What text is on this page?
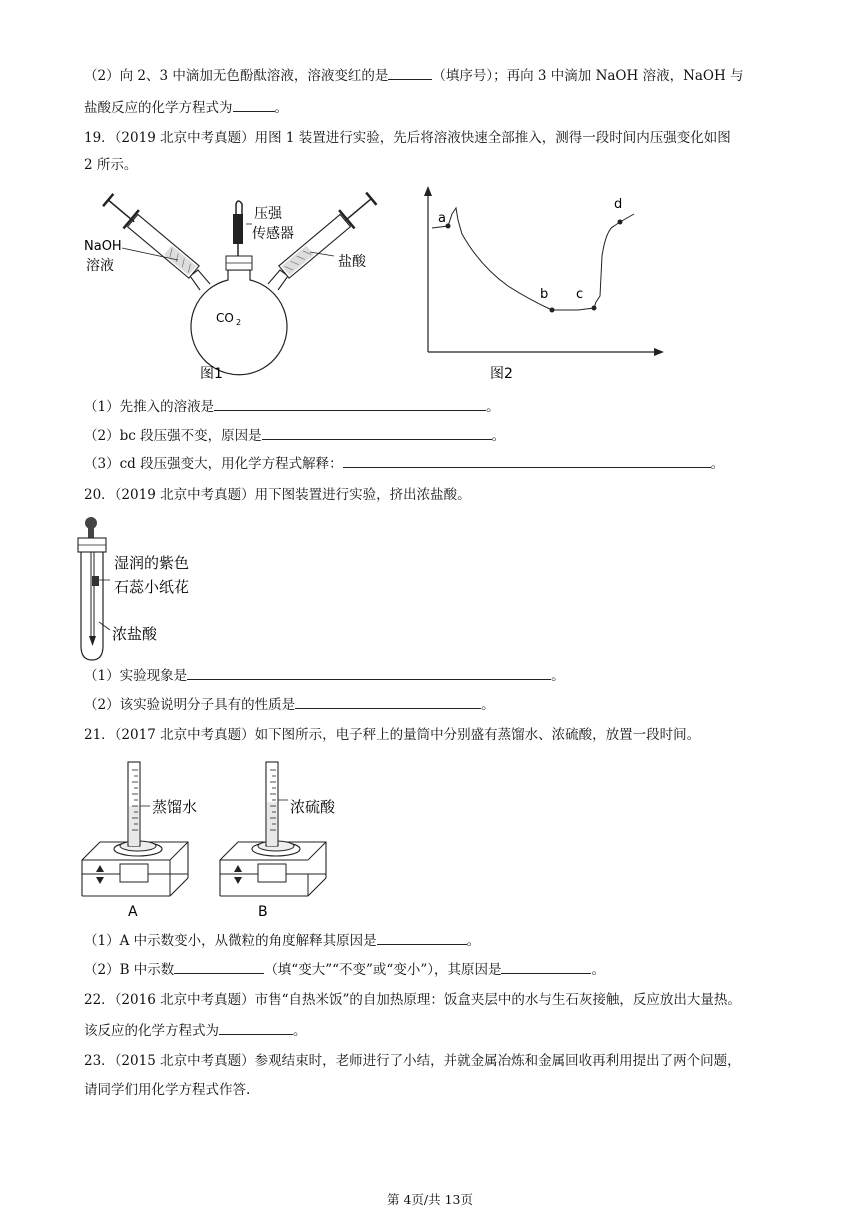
（2）向 2、3 中滴加无色酚酞溶液，溶液变红的是	（填序号）；再向 3 中滴加 NaOH 溶液，NaOH 与
盐酸反应的化学方程式为	。
19．（2019 北京中考真题）用图 1 装置进行实验，先后将溶液快速全部推入，测得一段时间内压强变化如图
2 所示。
NaOH
溶液
压强
传感器
盐酸
CO 2
图1
a
b c
d
图2
（1）先推入的溶液是	。
（2）bc 段压强不变，原因是	。
（3）cd 段压强变大，用化学方程式解释：	。
20．（2019 北京中考真题）用下图装置进行实验，挤出浓盐酸。
湿润的紫色
石蕊小纸花
浓盐酸
（1）实验现象是	。
（2）该实验说明分子具有的性质是	。
21．（2017 北京中考真题）如下图所示，电子秤上的量筒中分别盛有蒸馏水、浓硫酸，放置一段时间。
蒸馏水
A
浓硫酸
B
（1）A 中示数变小，从微粒的角度解释其原因是	。
（2）B 中示数	（填“变大”“不变”或“变小”），其原因是	。
22．（2016 北京中考真题）市售“自热米饭”的自加热原理：饭盒夹层中的水与生石灰接触，反应放出大量热。
该反应的化学方程式为	。
23．（2015 北京中考真题）参观结束时，老师进行了小结，并就金属冶炼和金属回收再利用提出了两个问题，
请同学们用化学方程式作答.
第 4页/共 13页
